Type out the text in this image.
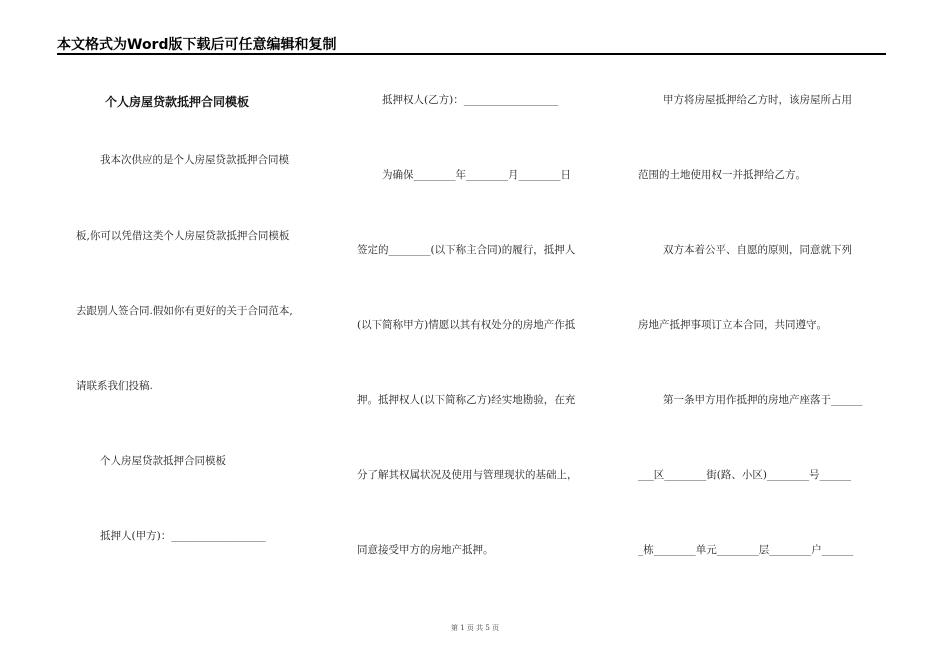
本文格式为Word版下载后可任意编辑和复制
个人房屋贷款抵押合同模板
我本次供应的是个人房屋贷款抵押合同模
板,你可以凭借这类个人房屋贷款抵押合同模板
去跟别人签合同.假如你有更好的关于合同范本,
请联系我们投稿.
个人房屋贷款抵押合同模板
抵押人(甲方)：__________________
抵押权人(乙方)：__________________
为确保________年________月________日
签定的________(以下称主合同)的履行，抵押人
(以下简称甲方)情愿以其有权处分的房地产作抵
押。抵押权人(以下简称乙方)经实地勘验，在充
分了解其权属状况及使用与管理现状的基础上，
同意接受甲方的房地产抵押。
甲方将房屋抵押给乙方时，该房屋所占用
范围的土地使用权一并抵押给乙方。
双方本着公平、自愿的原则，同意就下列
房地产抵押事项订立本合同，共同遵守。
第一条甲方用作抵押的房地产座落于______
___区________街(路、小区)________号______
_栋________单元________层________户______
第 1 页 共 5 页
